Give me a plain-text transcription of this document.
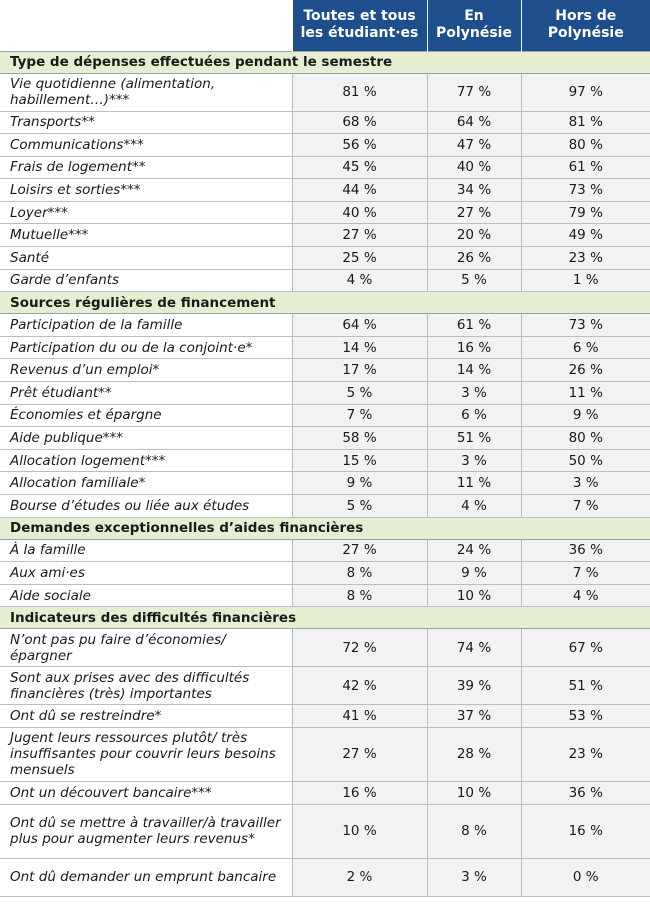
	Toutes et tous les étudiant·es	En Polynésie	Hors de Polynésie
Type de dépenses effectuées pendant le semestre			
Vie quotidienne (alimentation, habillement…)***	81 %	77 %	97 %
Transports**	68 %	64 %	81 %
Communications***	56 %	47 %	80 %
Frais de logement**	45 %	40 %	61 %
Loisirs et sorties***	44 %	34 %	73 %
Loyer***	40 %	27 %	79 %
Mutuelle***	27 %	20 %	49 %
Santé	25 %	26 %	23 %
Garde d’enfants	4 %	5 %	1 %
Sources régulières de financement			
Participation de la famille	64 %	61 %	73 %
Participation du ou de la conjoint·e*	14 %	16 %	6 %
Revenus d’un emploi*	17 %	14 %	26 %
Prêt étudiant**	5 %	3 %	11 %
Économies et épargne	7 %	6 %	9 %
Aide publique***	58 %	51 %	80 %
Allocation logement***	15 %	3 %	50 %
Allocation familiale*	9 %	11 %	3 %
Bourse d’études ou liée aux études	5 %	4 %	7 %
Demandes exceptionnelles d’aides financières			
À la famille	27 %	24 %	36 %
Aux ami·es	8 %	9 %	7 %
Aide sociale	8 %	10 %	4 %
Indicateurs des difficultés financières			
N’ont pas pu faire d’économies/ épargner	72 %	74 %	67 %
Sont aux prises avec des difficultés financières (très) importantes	42 %	39 %	51 %
Ont dû se restreindre*	41 %	37 %	53 %
Jugent leurs ressources plutôt/ très insuffisantes pour couvrir leurs besoins mensuels	27 %	28 %	23 %
Ont un découvert bancaire***	16 %	10 %	36 %
Ont dû se mettre à travailler/à travailler plus pour augmenter leurs revenus*	10 %	8 %	16 %
Ont dû demander un emprunt bancaire	2 %	3 %	0 %
